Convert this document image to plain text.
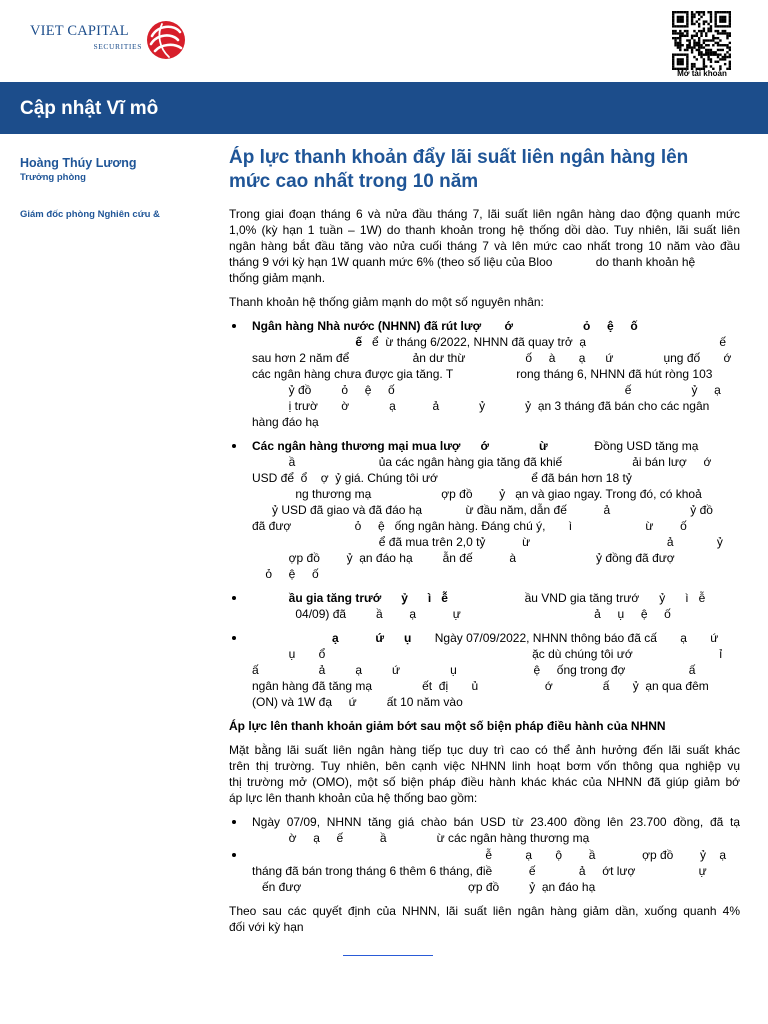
VIET CAPITAL
SECURITIES
Mở tài khoản
Cập nhật Vĩ mô
Hoàng Thúy Lương
Trưởng phòng
Giám đốc phòng Nghiên cứu &
Áp lực thanh khoản đẩy lãi suất liên ngân hàng lên
mức cao nhất trong 10 năm
Trong giai đoạn tháng 6 và nửa đầu tháng 7, lãi suất liên ngân hàng dao động quanh mức
1,0% (kỳ hạn 1 tuần – 1W) do thanh khoản trong hệ thống dồi dào. Tuy nhiên, lãi suất liên
ngân hàng bắt đầu tăng vào nửa cuối tháng 7 và lên mức cao nhất trong 10 năm vào đầu
tháng 9 với kỳ hạn 1W quanh mức 6% (theo số liệu của Bloo             do thanh khoản hệ
thống giảm mạnh.
Thanh khoản hệ thống giảm mạnh do một số nguyên nhân:
Ngân hàng Nhà nước (NHNN) đã rút lượ       ớ                     ỏ     ệ     ố
ế   ể  ừ tháng 6/2022, NHNN đã quay trở  ạ                                        ế
sau hơn 2 năm để                   ản dư thừ                  ố     à       ạ      ứ               ụng đố       ớ
các ngân hàng chưa được gia tăng. T                   rong tháng 6, NHNN đã hút ròng 103
ỷ đồ         ỏ     ệ     ố                                                                     ế                  ỷ     ạ
ị trườ       ờ            ạ           ả            ỷ            ỷ  ạn 3 tháng đã bán cho các ngân
hàng đáo hạ
Các ngân hàng thương mại mua lượ      ớ               ừ              Đồng USD tăng mạ
ầ                         ủa các ngân hàng gia tăng đã khiế                     ải bán lượ     ớ
USD để  ổ    ợ  ỷ giá. Chúng tôi ướ                            ể đã bán hơn 18 tỷ
ng thương mạ                     ợp đồ        ỷ   ạn và giao ngay. Trong đó, có khoả
ỷ USD đã giao và đã đáo hạ             ừ đầu năm, dẫn đế           ả                        ỷ đồ
đã đượ                   ỏ     ệ   ống ngân hàng. Đáng chú ý,       ì                      ừ        ố
ể đã mua trên 2,0 tỷ           ừ                                         ả             ỷ
ợp đồ        ỷ  ạn đáo hạ         ẫn đế           à                        ỷ đồng đã đượ
ỏ     ệ     ố
ầu gia tăng trướ      ỷ      ì   ễ                       ầu VND gia tăng trướ      ỷ      ì   ễ
04/09) đã         ầ        ạ           ự                                        ả     ụ     ệ     ố
ạ           ứ      ụ       Ngày 07/09/2022, NHNN thông báo đã cấ       ạ       ứ
ụ       ổ                                                              ặc dù chúng tôi ướ                          ỉ
ấ                  ả         ạ         ứ               ụ                       ệ     ống trong đợ                   ấ
ngân hàng đã tăng mạ               ết  đị       ủ                    ớ               ấ       ỷ  ạn qua đêm
(ON) và 1W đạ     ứ         ất 10 năm vào
Áp lực lên thanh khoản giảm bớt sau một số biện pháp điều hành của NHNN
Mặt bằng lãi suất liên ngân hàng tiếp tục duy trì cao có thể ảnh hưởng đến lãi suất khác
trên thị trường. Tuy nhiên, bên cạnh việc NHNN linh hoạt bơm vốn thông qua nghiệp vụ
thị trường mở (OMO), một số biện pháp điều hành khác khác của NHNN đã giúp giảm bớ
áp lực lên thanh khoản của hệ thống bao gồm:
Ngày 07/09, NHNN tăng giá chào bán USD từ 23.400 đồng lên 23.700 đồng, đã tạ
ờ     ạ     ế           ầ               ừ các ngân hàng thương mạ
ễ          ạ       ộ        ầ              ợp đồ        ỷ    ạ
tháng đã bán trong tháng 6 thêm 6 tháng, điề           ế             ả     ớt lượ                   ự
ến đượ                                                  ợp đồ         ỷ  ạn đáo hạ
Theo sau các quyết định của NHNN, lãi suất liên ngân hàng giảm dần, xuống quanh 4%
đối với kỳ hạn
